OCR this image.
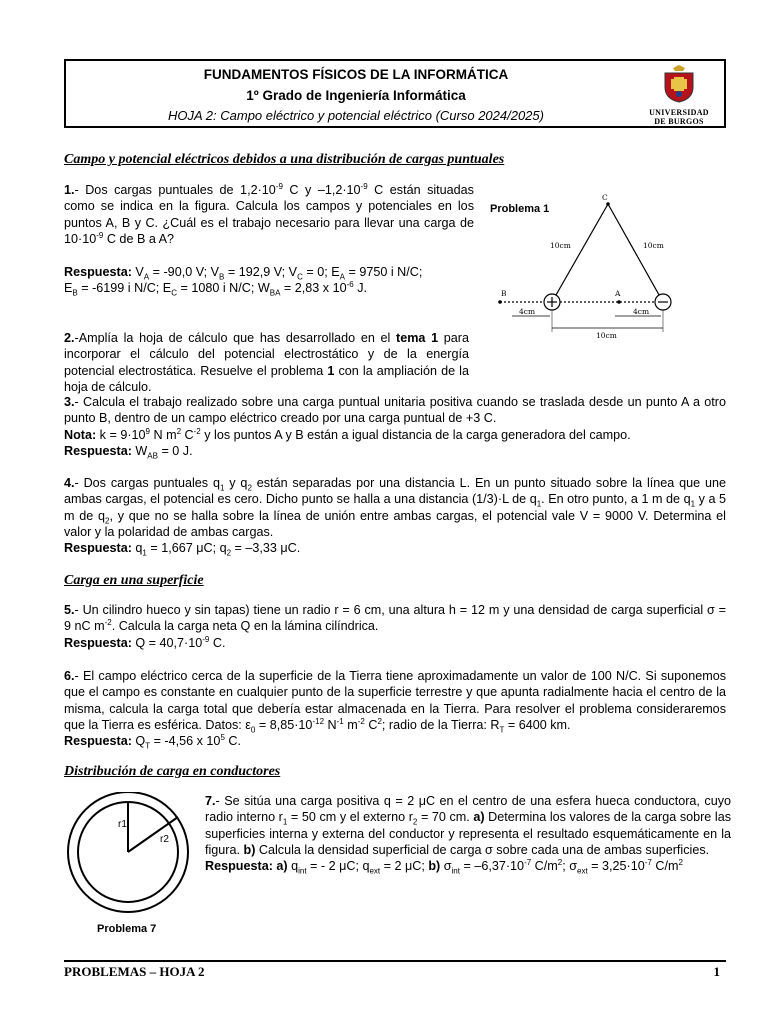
FUNDAMENTOS FÍSICOS DE LA INFORMÁTICA
1º Grado de Ingeniería Informática
HOJA 2: Campo eléctrico y potencial eléctrico (Curso 2024/2025)	UNIVERSIDAD
DE BURGOS
Campo y potencial eléctricos debidos a una distribución de cargas puntuales
1.- Dos cargas puntuales de $1,2\cdot 10^{-9}$ C y $-1,2\cdot 10^{-9}$ C están situadas como se indica en la figura. Calcula los campos y potenciales en los puntos A, B y C. ¿Cuál es el trabajo necesario para llevar una carga de $10\cdot 10^{-9}$ C de B a A?
Respuesta: $V_A = -90,0$ V; $V_B = 192,9$ V; $V_C = 0$; $E_A = 9750$ i N/C;
$E_B = -6199$ i N/C; $E_C = 1080$ i N/C; $W_{BA} = 2,83$ x $10^{-6}$ J.
Problema 1
C
A
B
10cm	10cm
4cm	4cm
10cm
2.-Amplía la hoja de cálculo que has desarrollado en el tema 1 para incorporar el cálculo del potencial electrostático y de la energía potencial electrostática. Resuelve el problema 1 con la ampliación de la hoja de cálculo.
3.- Calcula el trabajo realizado sobre una carga puntual unitaria positiva cuando se traslada desde un punto A a otro punto B, dentro de un campo eléctrico creado por una carga puntual de +3 C.
Nota: $k = 9\cdot 10^9$ N $m^2$ $C^{-2}$ y los puntos A y B están a igual distancia de la carga generadora del campo.
Respuesta: $W_{AB} = 0$ J.
4.- Dos cargas puntuales $q_1$ y $q_2$ están separadas por una distancia L. En un punto situado sobre la línea que une ambas cargas, el potencial es cero. Dicho punto se halla a una distancia (1/3)·L de $q_1$. En otro punto, a 1 m de $q_1$ y a 5 m de $q_2$, y que no se halla sobre la línea de unión entre ambas cargas, el potencial vale V = 9000 V. Determina el valor y la polaridad de ambas cargas.
Respuesta: $q_1 = 1,667$ μC; $q_2 = -3,33$ μC.
Carga en una superficie
5.- Un cilindro hueco y sin tapas) tiene un radio r = 6 cm, una altura h = 12 m y una densidad de carga superficial σ = 9 nC $m^{-2}$. Calcula la carga neta Q en la lámina cilíndrica.
Respuesta: $Q = 40,7\cdot 10^{-9}$ C.
6.- El campo eléctrico cerca de la superficie de la Tierra tiene aproximadamente un valor de 100 N/C. Si suponemos que el campo es constante en cualquier punto de la superficie terrestre y que apunta radialmente hacia el centro de la misma, calcula la carga total que debería estar almacenada en la Tierra. Para resolver el problema consideraremos que la Tierra es esférica. Datos: $\varepsilon_0 = 8,85\cdot 10^{-12}$ $N^{-1}$ $m^{-2}$ $C^2$; radio de la Tierra: $R_T = 6400$ km.
Respuesta: $Q_T = -4,56$ x $10^5$ C.
Distribución de carga en conductores
r1
r2
Problema 7
7.- Se sitúa una carga positiva q = 2 μC en el centro de una esfera hueca conductora, cuyo radio interno $r_1 = 50$ cm y el externo $r_2 = 70$ cm. a) Determina los valores de la carga sobre las superficies interna y externa del conductor y representa el resultado esquemáticamente en la figura. b) Calcula la densidad superficial de carga σ sobre cada una de ambas superficies.
Respuesta: a) $q_{int}$ = - 2 μC; $q_{ext} = 2$ μC; b) $\sigma_{int} = -6,37\cdot 10^{-7}$ $C/m^2$; $\sigma_{ext} = 3,25\cdot 10^{-7}$ $C/m^2$
PROBLEMAS – HOJA 2	1
